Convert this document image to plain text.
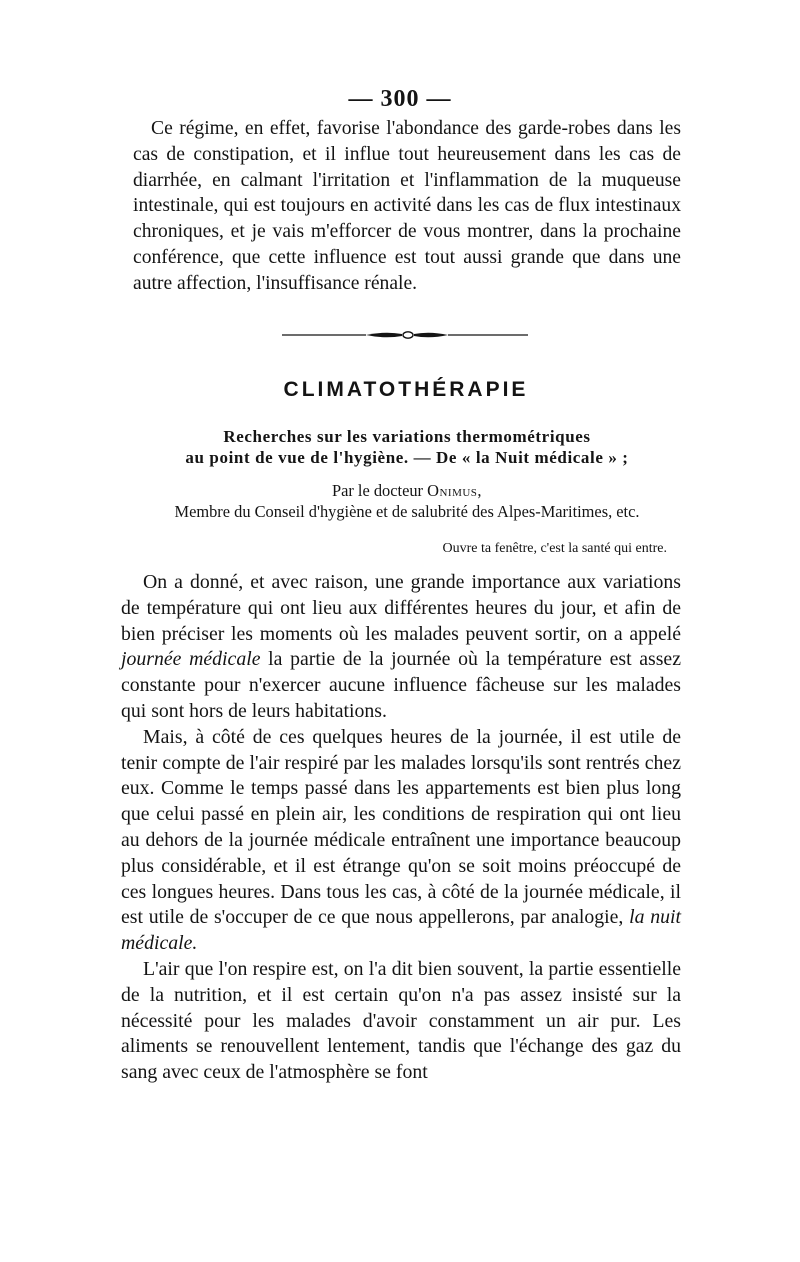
— 300 —

Ce régime, en effet, favorise l'abondance des garde-robes dans les cas de constipation, et il influe tout heureusement dans les cas de diarrhée, en calmant l'irritation et l'inflammation de la muqueuse intestinale, qui est toujours en activité dans les cas de flux intestinaux chroniques, et je vais m'efforcer de vous montrer, dans la prochaine conférence, que cette influence est tout aussi grande que dans une autre affection, l'insuffisance rénale.

CLIMATOTHÉRAPIE
Recherches sur les variations thermométriques
au point de vue de l'hygiène. — De « la Nuit médicale » ;
Par le docteur Onimus,
Membre du Conseil d'hygiène et de salubrité des Alpes-Maritimes, etc.

Ouvre ta fenêtre, c'est la santé qui entre.

On a donné, et avec raison, une grande importance aux variations de température qui ont lieu aux différentes heures du jour, et afin de bien préciser les moments où les malades peuvent sortir, on a appelé journée médicale la partie de la journée où la température est assez constante pour n'exercer aucune influence fâcheuse sur les malades qui sont hors de leurs habitations.

Mais, à côté de ces quelques heures de la journée, il est utile de tenir compte de l'air respiré par les malades lorsqu'ils sont rentrés chez eux. Comme le temps passé dans les appartements est bien plus long que celui passé en plein air, les conditions de respiration qui ont lieu au dehors de la journée médicale entraînent une importance beaucoup plus considérable, et il est étrange qu'on se soit moins préoccupé de ces longues heures. Dans tous les cas, à côté de la journée médicale, il est utile de s'occuper de ce que nous appellerons, par analogie, la nuit médicale.

L'air que l'on respire est, on l'a dit bien souvent, la partie essentielle de la nutrition, et il est certain qu'on n'a pas assez insisté sur la nécessité pour les malades d'avoir constamment un air pur. Les aliments se renouvellent lentement, tandis que l'échange des gaz du sang avec ceux de l'atmosphère se font
